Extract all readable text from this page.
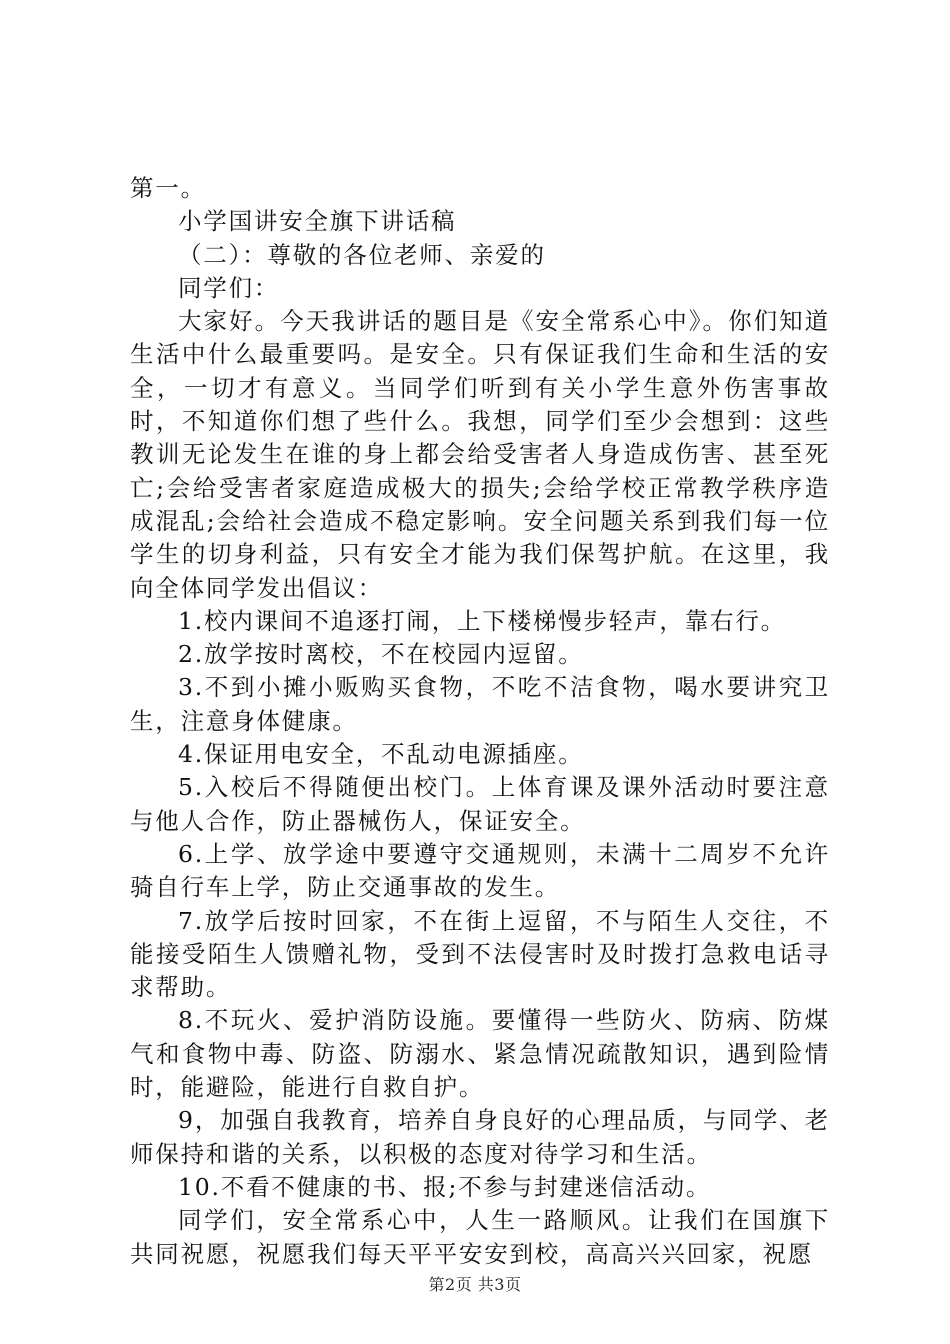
第一。

小学国讲安全旗下讲话稿

（二）：尊敬的各位老师、亲爱的

同学们：

大家好。今天我讲话的题目是《安全常系心中》。你们知道生活中什么最重要吗。是安全。只有保证我们生命和生活的安全，一切才有意义。当同学们听到有关小学生意外伤害事故时，不知道你们想了些什么。我想，同学们至少会想到：这些教训无论发生在谁的身上都会给受害者人身造成伤害、甚至死亡;会给受害者家庭造成极大的损失;会给学校正常教学秩序造成混乱;会给社会造成不稳定影响。安全问题关系到我们每一位学生的切身利益，只有安全才能为我们保驾护航。在这里，我向全体同学发出倡议：

1.校内课间不追逐打闹，上下楼梯慢步轻声，靠右行。

2.放学按时离校，不在校园内逗留。

3.不到小摊小贩购买食物，不吃不洁食物，喝水要讲究卫生，注意身体健康。

4.保证用电安全，不乱动电源插座。

5.入校后不得随便出校门。上体育课及课外活动时要注意与他人合作，防止器械伤人，保证安全。

6.上学、放学途中要遵守交通规则，未满十二周岁不允许骑自行车上学，防止交通事故的发生。

7.放学后按时回家，不在街上逗留，不与陌生人交往，不能接受陌生人馈赠礼物，受到不法侵害时及时拨打急救电话寻求帮助。

8.不玩火、爱护消防设施。要懂得一些防火、防病、防煤气和食物中毒、防盗、防溺水、紧急情况疏散知识，遇到险情时，能避险，能进行自救自护。

9，加强自我教育，培养自身良好的心理品质，与同学、老师保持和谐的关系，以积极的态度对待学习和生活。

10.不看不健康的书、报;不参与封建迷信活动。

同学们，安全常系心中，人生一路顺风。让我们在国旗下共同祝愿，祝愿我们每天平平安安到校，高高兴兴回家，祝愿

第2页 共3页
